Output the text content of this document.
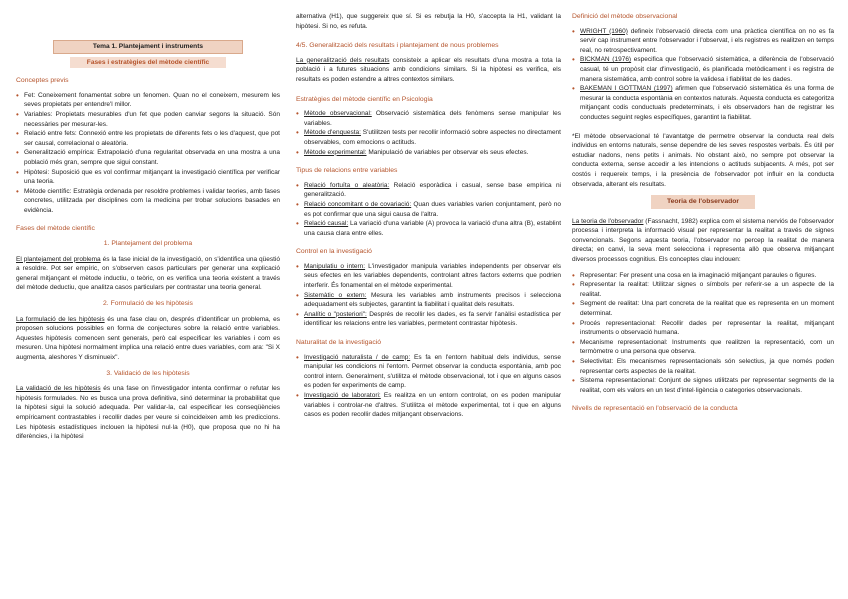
Tema 1. Plantejament i instruments
Fases i estratègies del mètode científic
Conceptes previs
• Fet: Coneixement fonamentat sobre un fenomen. Quan no el coneixem, mesurem les seves propietats per entendre'l millor.
• Variables: Propietats mesurables d'un fet que poden canviar segons la situació. Són necessàries per mesurar-les.
• Relació entre fets: Connexió entre les propietats de diferents fets o les d'aquest, que pot ser causal, correlacional o aleatòria.
• Generalització empírica: Extrapolació d'una regularitat observada en una mostra a una població més gran, sempre que sigui constant.
• Hipòtesi: Suposició que es vol confirmar mitjançant la investigació científica per verificar una teoria.
• Mètode científic: Estratègia ordenada per resoldre problemes i validar teories, amb fases concretes, utilitzada per disciplines com la medicina per trobar solucions basades en evidència.
Fases del mètode científic
1. Plantejament del problema

El plantejament del problema és la fase inicial de la investigació, on s'identifica una qüestió a resoldre. Pot ser empíric, on s'observen casos particulars per generar una explicació general mitjançant el mètode inductiu, o teòric, on es verifica una teoria existent a través del mètode deductiu, que analitza casos particulars per contrastar una teoria general.

2. Formulació de les hipòtesis

La formulació de les hipòtesis és una fase clau on, després d'identificar un problema, es proposen solucions possibles en forma de conjectures sobre la relació entre variables. Aquestes hipòtesis comencen sent generals, però cal especificar les variables i com es mesuren. Una hipòtesi normalment implica una relació entre dues variables, com ara: "Si X augmenta, aleshores Y disminueix".

3. Validació de les hipòtesis

La validació de les hipòtesis és una fase on l'investigador intenta confirmar o refutar les hipòtesis formulades. No es busca una prova definitiva, sinó determinar la probabilitat que la hipòtesi sigui la solució adequada. Per validar-la, cal especificar les conseqüències empíricament contrastables i recollir dades per veure si coincideixen amb les prediccions. Les hipòtesis estadístiques inclouen la hipòtesi nul·la (H0), que proposa que no hi ha diferències, i la hipòtesi

alternativa (H1), que suggereix que sí. Si es rebutja la H0, s'accepta la H1, validant la hipòtesi. Si no, es refuta.

4/5. Generalització dels resultats i plantejament de nous problemes

La generalització dels resultats consisteix a aplicar els resultats d'una mostra a tota la població i a futures situacions amb condicions similars. Si la hipòtesi es verifica, els resultats es poden estendre a altres contextos similars.

Estratègies del mètode científic en Psicologia
• Mètode observacional: Observació sistemàtica dels fenòmens sense manipular les variables.
• Mètode d'enquesta: S'utilitzen tests per recollir informació sobre aspectes no directament observables, com emocions o actituds.
• Mètode experimental: Manipulació de variables per observar els seus efectes.
Tipus de relacions entre variables
• Relació fortuïta o aleatòria: Relació esporàdica i casual, sense base empírica ni generalització.
• Relació concomitant o de covariació: Quan dues variables varien conjuntament, però no es pot confirmar que una sigui causa de l'altra.
• Relació causal: La variació d'una variable (A) provoca la variació d'una altra (B), establint una causa clara entre elles.
Control en la investigació
• Manipulatiu o intern: L'investigador manipula variables independents per observar els seus efectes en les variables dependents, controlant altres factors externs que podrien interferir. És fonamental en el mètode experimental.
• Sistemàtic o extern: Mesura les variables amb instruments precisos i selecciona adequadament els subjectes, garantint la fiabilitat i qualitat dels resultats.
• Analític o "posteriori": Després de recollir les dades, es fa servir l'anàlisi estadística per identificar les relacions entre les variables, permetent contrastar hipòtesis.
Naturalitat de la investigació
• Investigació naturalista / de camp: Es fa en l'entorn habitual dels individus, sense manipular les condicions ni l'entorn. Permet observar la conducta espontània, amb poc control intern. Generalment, s'utilitza el mètode observacional, tot i que en alguns casos es poden fer experiments de camp.
• Investigació de laboratori: Es realitza en un entorn controlat, on es poden manipular variables i controlar-ne d'altres. S'utilitza el mètode experimental, tot i que en alguns casos es poden recollir dades mitjançant observacions.
Definició del mètode observacional
• WRIGHT (1960) defineix l'observació directa com una pràctica científica on no es fa servir cap instrument entre l'observador i l'observat, i els registres es realitzen en temps real, no retrospectivament.
• BICKMAN (1976) especifica que l'observació sistemàtica, a diferència de l'observació casual, té un propòsit clar d'investigació, és planificada metòdicament i es registra de manera sistemàtica, amb control sobre la validesa i fiabilitat de les dades.
• BAKEMAN I GOTTMAN (1997) afirmen que l'observació sistemàtica és una forma de mesurar la conducta espontània en contextos naturals. Aquesta conducta es categoritza mitjançant codis conductuals predeterminats, i els observadors han de registrar les conductes seguint regles específiques, garantint la fiabilitat.

*El mètode observacional té l'avantatge de permetre observar la conducta real dels individus en entorns naturals, sense dependre de les seves respostes verbals. És útil per estudiar nadons, nens petits i animals. No obstant això, no sempre pot observar la conducta externa, sense accedir a les intencions o actituds subjacents. A més, pot ser costós i requereix temps, i la presència de l'observador pot influir en la conducta observada, alterant els resultats.

Teoria de l'observador

La teoria de l'observador (Fassnacht, 1982) explica com el sistema nerviós de l'observador processa i interpreta la informació visual per representar la realitat a través de signes convencionals. Segons aquesta teoria, l'observador no percep la realitat de manera directa; en canvi, la seva ment selecciona i representa allò que observa mitjançant diversos processos cognitius. Els conceptes clau inclouen:

• Representar: Fer present una cosa en la imaginació mitjançant paraules o figures.
• Representar la realitat: Utilitzar signes o símbols per referir-se a un aspecte de la realitat.
• Segment de realitat: Una part concreta de la realitat que es representa en un moment determinat.
• Procés representacional: Recollir dades per representar la realitat, mitjançant instruments o observació humana.
• Mecanisme representacional: Instruments que realitzen la representació, com un termòmetre o una persona que observa.
• Selectivitat: Els mecanismes representacionals són selectius, ja que només poden representar certs aspectes de la realitat.
• Sistema representacional: Conjunt de signes utilitzats per representar segments de la realitat, com els valors en un test d'intel·ligència o categories observacionals.
Nivells de representació en l'observació de la conducta
